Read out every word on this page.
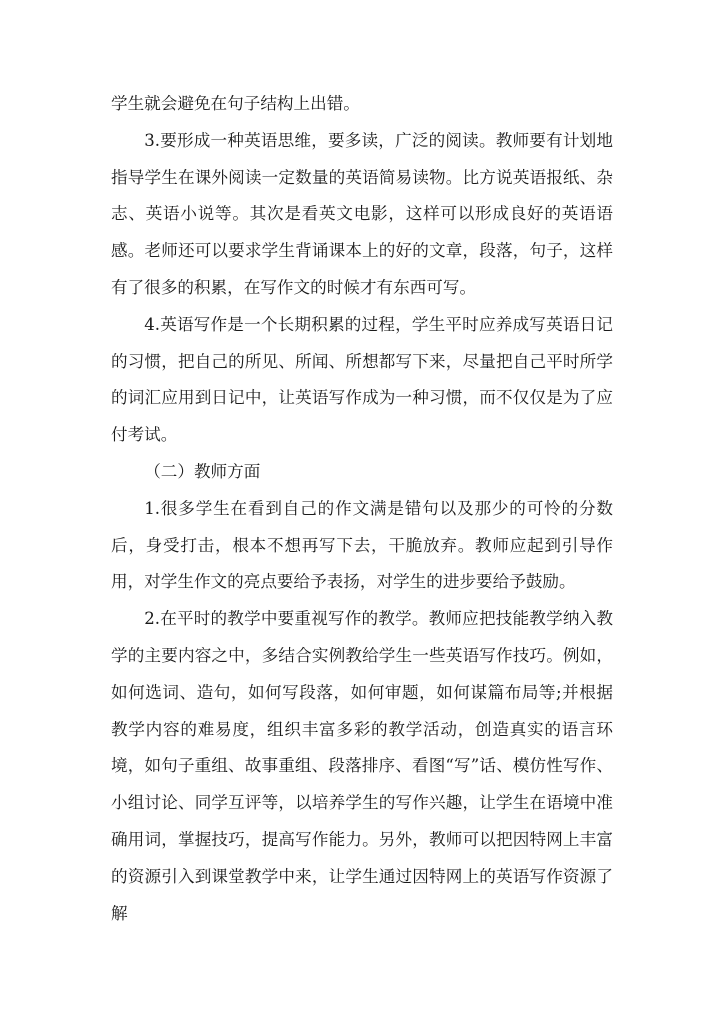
学生就会避免在句子结构上出错。

3.要形成一种英语思维，要多读，广泛的阅读。教师要有计划地指导学生在课外阅读一定数量的英语简易读物。比方说英语报纸、杂志、英语小说等。其次是看英文电影，这样可以形成良好的英语语感。老师还可以要求学生背诵课本上的好的文章，段落，句子，这样有了很多的积累，在写作文的时候才有东西可写。

4.英语写作是一个长期积累的过程，学生平时应养成写英语日记的习惯，把自己的所见、所闻、所想都写下来，尽量把自己平时所学的词汇应用到日记中，让英语写作成为一种习惯，而不仅仅是为了应付考试。

（二）教师方面

1.很多学生在看到自己的作文满是错句以及那少的可怜的分数后，身受打击，根本不想再写下去，干脆放弃。教师应起到引导作用，对学生作文的亮点要给予表扬，对学生的进步要给予鼓励。

2.在平时的教学中要重视写作的教学。教师应把技能教学纳入教学的主要内容之中，多结合实例教给学生一些英语写作技巧。例如，如何选词、造句，如何写段落，如何审题，如何谋篇布局等;并根据教学内容的难易度，组织丰富多彩的教学活动，创造真实的语言环境，如句子重组、故事重组、段落排序、看图“写”话、模仿性写作、小组讨论、同学互评等，以培养学生的写作兴趣，让学生在语境中准确用词，掌握技巧，提高写作能力。另外，教师可以把因特网上丰富的资源引入到课堂教学中来，让学生通过因特网上的英语写作资源了解
